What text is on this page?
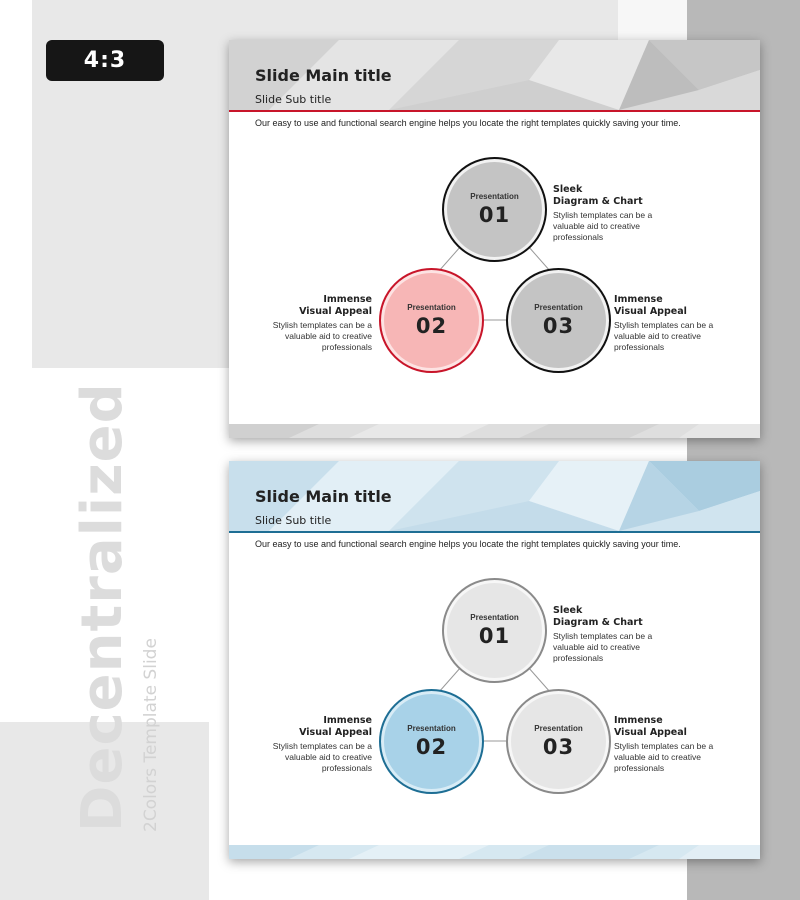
4:3
Decentralized 2Colors Template Slide
Slide Main title
Slide Sub title
Our easy to use and functional search engine helps you locate the right templates quickly saving your time.
Presentation
01
Presentation
02
Presentation
03
Sleek
Diagram & Chart
Stylish templates can be a valuable aid to creative professionals
Immense
Visual Appeal
Stylish templates can be a valuable aid to creative professionals
Immense
Visual Appeal
Stylish templates can be a valuable aid to creative professionals
Slide Main title
Slide Sub title
Our easy to use and functional search engine helps you locate the right templates quickly saving your time.
Presentation
01
Presentation
02
Presentation
03
Sleek
Diagram & Chart
Stylish templates can be a valuable aid to creative professionals
Immense
Visual Appeal
Stylish templates can be a valuable aid to creative professionals
Immense
Visual Appeal
Stylish templates can be a valuable aid to creative professionals
